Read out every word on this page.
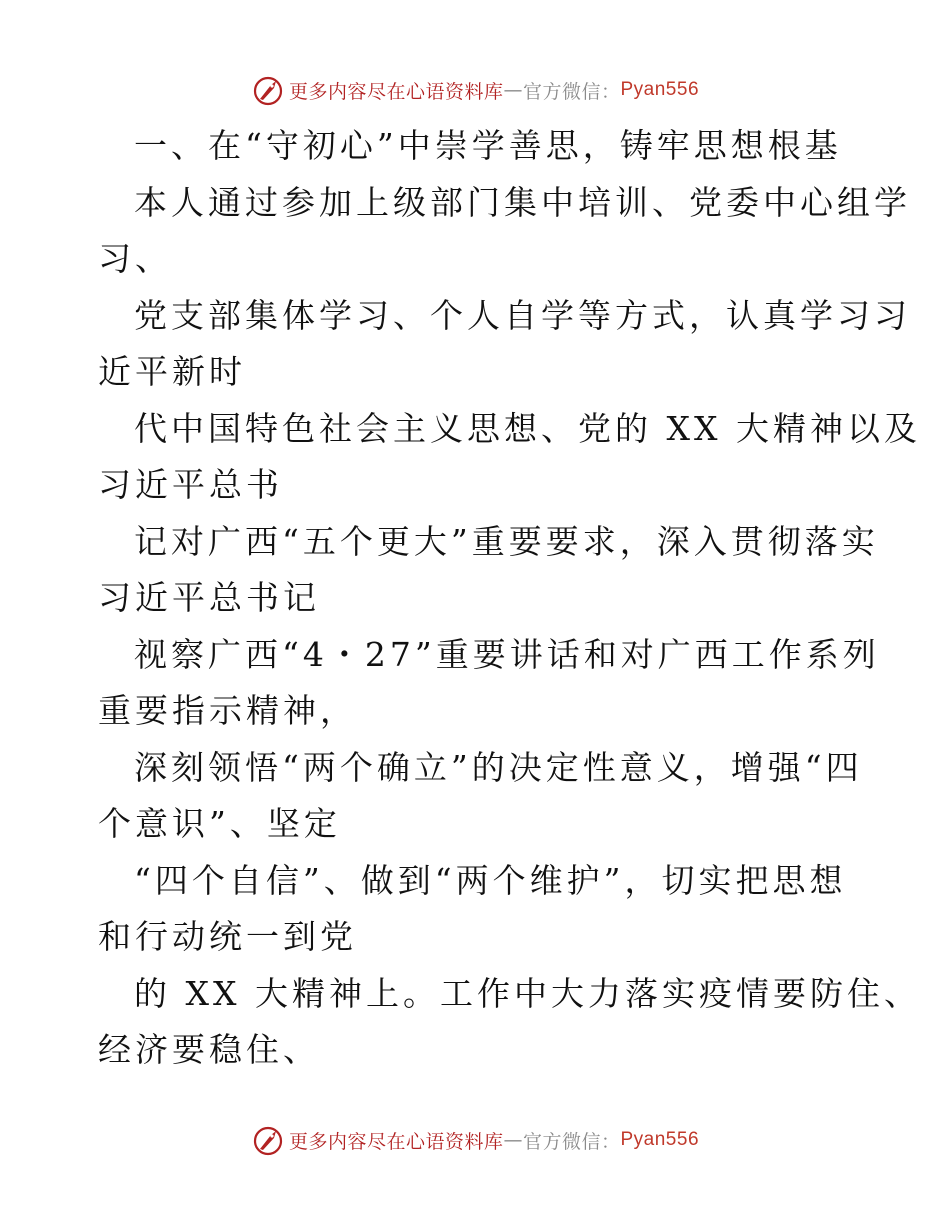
更多内容尽在心语资料库 — 官方微信： Pyan556
一、在“守初心”中崇学善思，铸牢思想根基
本人通过参加上级部门集中培训、党委中心组学
习、
党支部集体学习、个人自学等方式，认真学习习
近平新时
代中国特色社会主义思想、党的 XX 大精神以及
习近平总书
记对广西“五个更大”重要要求，深入贯彻落实
习近平总书记
视察广西“4・27”重要讲话和对广西工作系列
重要指示精神，
深刻领悟“两个确立”的决定性意义，增强“四
个意识”、坚定
“四个自信”、做到“两个维护”，切实把思想
和行动统一到党
的 XX 大精神上。工作中大力落实疫情要防住、
经济要稳住、
更多内容尽在心语资料库 — 官方微信： Pyan556
